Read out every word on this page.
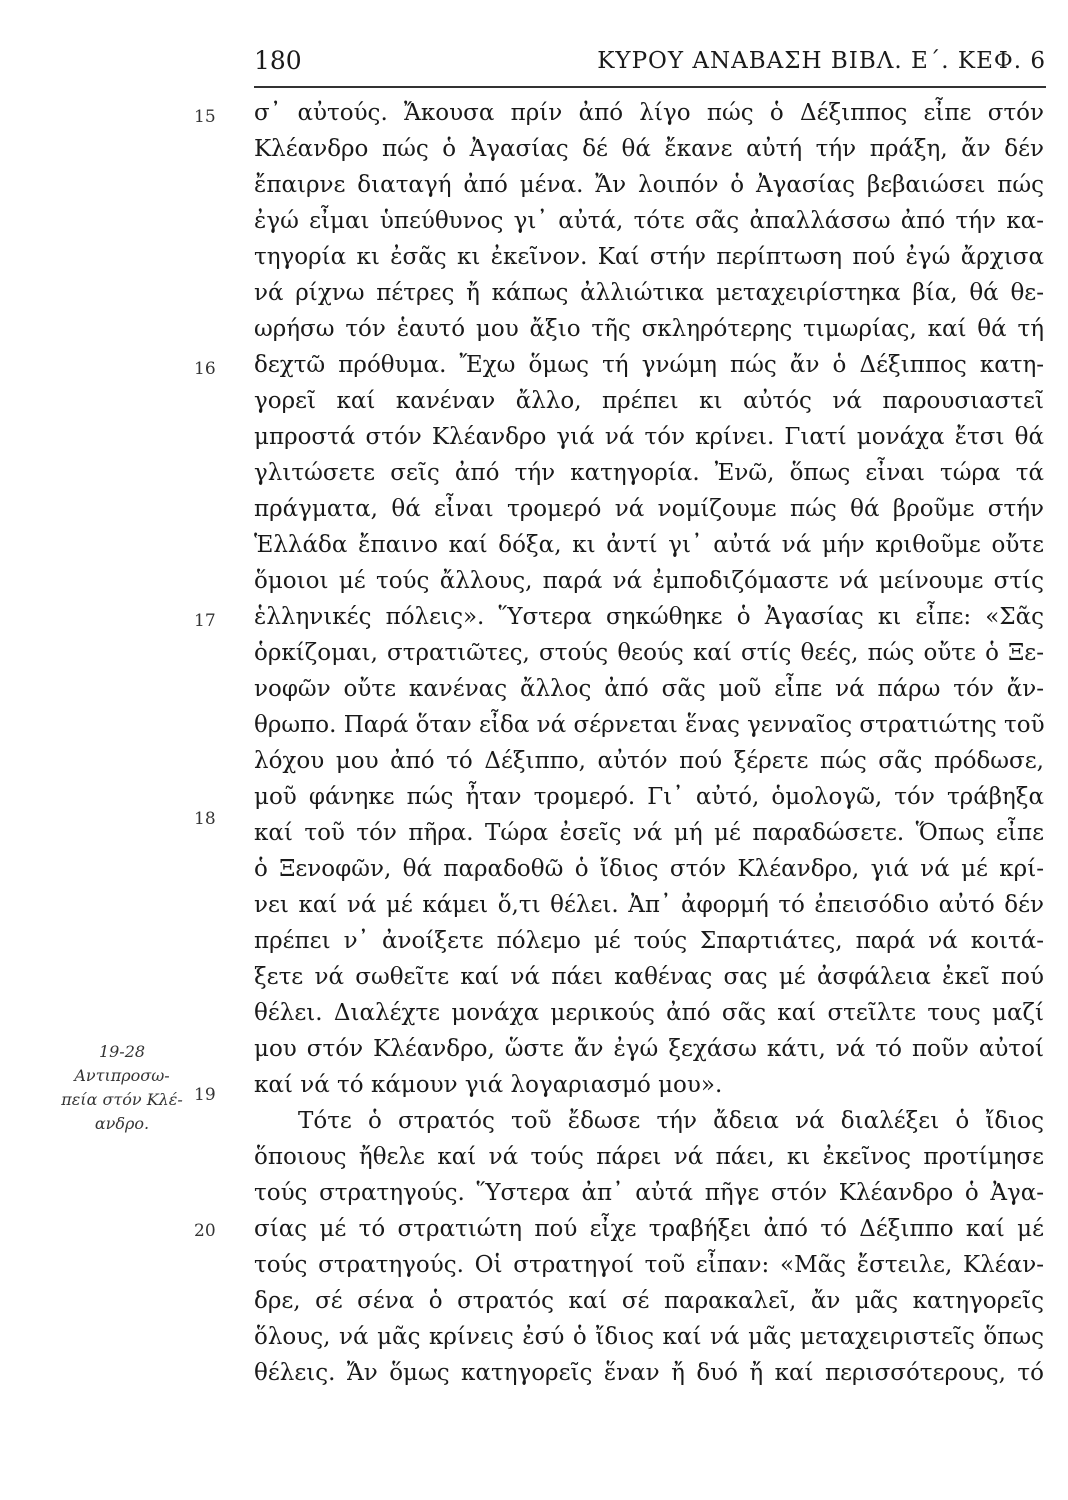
180	ΚΥΡΟΥ ΑΝΑΒΑΣΗ ΒΙΒΛ. Ε΄. ΚΕΦ. 6
19-28
Αντιπροσω-
πεία στόν Κλέ-
ανδρο.
15
16
17
18
19
20
σ᾿ αὐτούς. Ἄκουσα πρίν ἀπό λίγο πώς ὁ Δέξιππος εἶπε στόν
Κλέανδρο πώς ὁ Ἀγασίας δέ θά ἔκανε αὐτή τήν πράξη, ἄν δέν
ἔπαιρνε διαταγή ἀπό μένα. Ἄν λοιπόν ὁ Ἀγασίας βεβαιώσει πώς
ἐγώ εἶμαι ὑπεύθυνος γι᾿ αὐτά, τότε σᾶς ἀπαλλάσσω ἀπό τήν κα-
τηγορία κι ἐσᾶς κι ἐκεῖνον. Καί στήν περίπτωση πού ἐγώ ἄρχισα
νά ρίχνω πέτρες ἤ κάπως ἀλλιώτικα μεταχειρίστηκα βία, θά θε-
ωρήσω τόν ἑαυτό μου ἄξιο τῆς σκληρότερης τιμωρίας, καί θά τή
δεχτῶ πρόθυμα. Ἔχω ὅμως τή γνώμη πώς ἄν ὁ Δέξιππος κατη-
γορεῖ καί κανέναν ἄλλο, πρέπει κι αὐτός νά παρουσιαστεῖ
μπροστά στόν Κλέανδρο γιά νά τόν κρίνει. Γιατί μονάχα ἔτσι θά
γλιτώσετε σεῖς ἀπό τήν κατηγορία. Ἐνῶ, ὅπως εἶναι τώρα τά
πράγματα, θά εἶναι τρομερό νά νομίζουμε πώς θά βροῦμε στήν
Ἑλλάδα ἔπαινο καί δόξα, κι ἀντί γι᾿ αὐτά νά μήν κριθοῦμε οὔτε
ὅμοιοι μέ τούς ἄλλους, παρά νά ἐμποδιζόμαστε νά μείνουμε στίς
ἑλληνικές πόλεις». Ὕστερα σηκώθηκε ὁ Ἀγασίας κι εἶπε: «Σᾶς
ὁρκίζομαι, στρατιῶτες, στούς θεούς καί στίς θεές, πώς οὔτε ὁ Ξε-
νοφῶν οὔτε κανένας ἄλλος ἀπό σᾶς μοῦ εἶπε νά πάρω τόν ἄν-
θρωπο. Παρά ὅταν εἶδα νά σέρνεται ἕνας γενναῖος στρατιώτης τοῦ
λόχου μου ἀπό τό Δέξιππο, αὐτόν πού ξέρετε πώς σᾶς πρόδωσε,
μοῦ φάνηκε πώς ἦταν τρομερό. Γι᾿ αὐτό, ὁμολογῶ, τόν τράβηξα
καί τοῦ τόν πῆρα. Τώρα ἐσεῖς νά μή μέ παραδώσετε. Ὅπως εἶπε
ὁ Ξενοφῶν, θά παραδοθῶ ὁ ἴδιος στόν Κλέανδρο, γιά νά μέ κρί-
νει καί νά μέ κάμει ὅ,τι θέλει. Ἀπ᾿ ἀφορμή τό ἐπεισόδιο αὐτό δέν
πρέπει ν᾿ ἀνοίξετε πόλεμο μέ τούς Σπαρτιάτες, παρά νά κοιτά-
ξετε νά σωθεῖτε καί νά πάει καθένας σας μέ ἀσφάλεια ἐκεῖ πού
θέλει. Διαλέχτε μονάχα μερικούς ἀπό σᾶς καί στεῖλτε τους μαζί
μου στόν Κλέανδρο, ὥστε ἄν ἐγώ ξεχάσω κάτι, νά τό ποῦν αὐτοί
καί νά τό κάμουν γιά λογαριασμό μου».
Τότε ὁ στρατός τοῦ ἔδωσε τήν ἄδεια νά διαλέξει ὁ ἴδιος
ὅποιους ἤθελε καί νά τούς πάρει νά πάει, κι ἐκεῖνος προτίμησε
τούς στρατηγούς. Ὕστερα ἀπ᾿ αὐτά πῆγε στόν Κλέανδρο ὁ Ἀγα-
σίας μέ τό στρατιώτη πού εἶχε τραβήξει ἀπό τό Δέξιππο καί μέ
τούς στρατηγούς. Οἱ στρατηγοί τοῦ εἶπαν: «Μᾶς ἔστειλε, Κλέαν-
δρε, σέ σένα ὁ στρατός καί σέ παρακαλεῖ, ἄν μᾶς κατηγορεῖς
ὅλους, νά μᾶς κρίνεις ἐσύ ὁ ἴδιος καί νά μᾶς μεταχειριστεῖς ὅπως
θέλεις. Ἄν ὅμως κατηγορεῖς ἕναν ἤ δυό ἤ καί περισσότερους, τό
